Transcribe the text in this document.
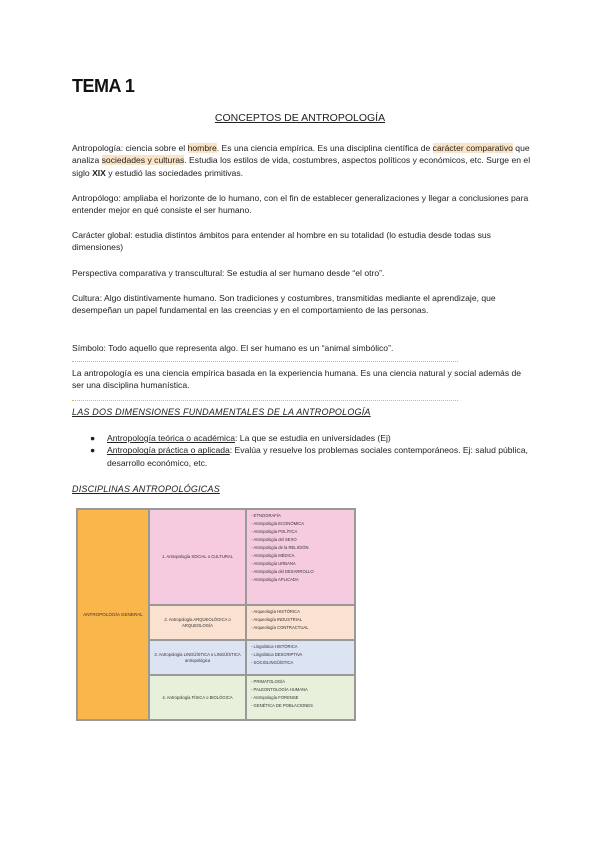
TEMA 1
CONCEPTOS DE ANTROPOLOGÍA
Antropología: ciencia sobre el hombre. Es una ciencia empírica. Es una disciplina científica de carácter comparativo que analiza sociedades y culturas. Estudia los estilos de vida, costumbres, aspectos políticos y económicos, etc. Surge en el siglo XIX y estudió las sociedades primitivas.
Antropólogo: ampliaba el horizonte de lo humano, con el fin de establecer generalizaciones y llegar a conclusiones para entender mejor en qué consiste el ser humano.
Carácter global: estudia distintos ámbitos para entender al hombre en su totalidad (lo estudia desde todas sus dimensiones)
Perspectiva comparativa y transcultural: Se estudia al ser humano desde “el otro”.
Cultura: Algo distintivamente humano. Son tradiciones y costumbres, transmitidas mediante el aprendizaje, que desempeñan un papel fundamental en las creencias y en el comportamiento de las personas.
Símbolo: Todo aquello que representa algo. El ser humano es un “animal simbólico”.
La antropología es una ciencia empírica basada en la experiencia humana. Es una ciencia natural y social además de ser una disciplina humanística.
LAS DOS DIMENSIONES FUNDAMENTALES DE LA ANTROPOLOGÍA
● Antropología teórica o académica: La que se estudia en universidades (Ej)
● Antropología práctica o aplicada: Evalúa y resuelve los problemas sociales contemporáneos. Ej: salud pública, desarrollo económico, etc.
DISCIPLINAS ANTROPOLÓGICAS
ANTROPOLOGÍA GENERAL
1. Antropología SOCIAL o CULTURAL
- ETNOGRAFÍA
- Antropología ECONÓMICA
- Antropología POLÍTICA
- Antropología del SEXO
- Antropología de la RELIGIÓN
- Antropología MÉDICA
- Antropología URBANA
- Antropología del DESARROLLO
- Antropología APLICADA
2. Antropología ARQUEOLÓGICA o ARQUEOLOGÍA
- Arqueología HISTÓRICA
- Arqueología INDUSTRIAL
- Arqueología CONTRACTUAL
3. Antropología LINGÜÍSTICA o LINGÜÍSTICA antropológica
- Lingüística HISTÓRICA
- Lingüística DESCRIPTIVA
- SOCIOLINGÜÍSTICA
4. Antropología FÍSICA o BIOLÓGICA
- PRIMATOLOGÍA
- PALEONTOLOGÍA HUMANA
- Antropología FORENSE
- GENÉTICA DE POBLACIONES
